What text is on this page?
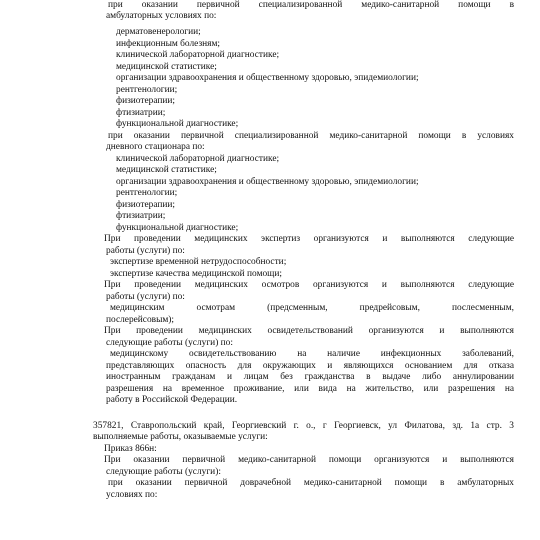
при оказании первичной специализированной медико-санитарной помощи в
амбулаторных условиях по:
дерматовенерологии;
инфекционным болезням;
клинической лабораторной диагностике;
медицинской статистике;
организации здравоохранения и общественному здоровью, эпидемиологии;
рентгенологии;
физиотерапии;
фтизиатрии;
функциональной диагностике;
при оказании первичной специализированной медико-санитарной помощи в условиях
дневного стационара по:
клинической лабораторной диагностике;
медицинской статистике;
организации здравоохранения и общественному здоровью, эпидемиологии;
рентгенологии;
физиотерапии;
фтизиатрии;
функциональной диагностике;
При проведении медицинских экспертиз организуются и выполняются следующие
работы (услуги) по:
экспертизе временной нетрудоспособности;
экспертизе качества медицинской помощи;
При проведении медицинских осмотров организуются и выполняются следующие
работы (услуги) по:
медицинским осмотрам (предсменным, предрейсовым, послесменным,
послерейсовым);
При проведении медицинских освидетельствований организуются и выполняются
следующие работы (услуги) по:
медицинскому освидетельствованию на наличие инфекционных заболеваний,
представляющих опасность для окружающих и являющихся основанием для отказа
иностранным гражданам и лицам без гражданства в выдаче либо аннулировании
разрешения на временное проживание, или вида на жительство, или разрешения на
работу в Российской Федерации.
357821, Ставропольский край, Георгиевский г. о., г Георгиевск, ул Филатова, зд. 1а стр. 3
выполняемые работы, оказываемые услуги:
Приказ 866н:
При оказании первичной медико-санитарной помощи организуются и выполняются
следующие работы (услуги):
при оказании первичной доврачебной медико-санитарной помощи в амбулаторных
условиях по:
